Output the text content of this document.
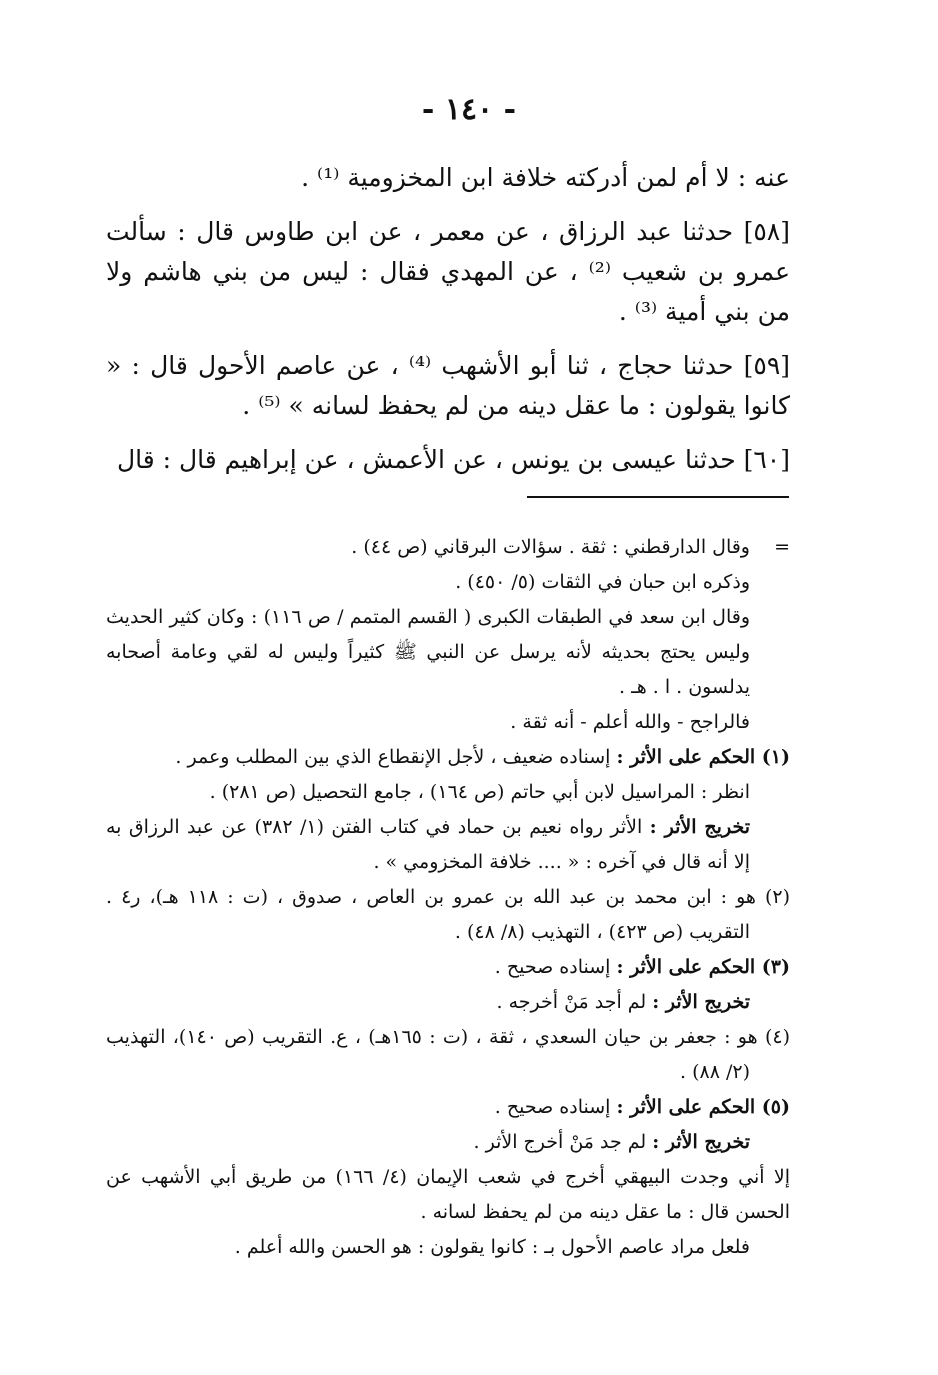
- ١٤٠ -

عنه : لا أم لمن أدركته خلافة ابن المخزومية ⁽¹⁾ .

[٥٨] حدثنا عبد الرزاق ، عن معمر ، عن ابن طاوس قال : سألت عمرو بن شعيب ⁽²⁾ ، عن المهدي فقال : ليس من بني هاشم ولا من بني أمية ⁽³⁾ .

[٥٩] حدثنا حجاج ، ثنا أبو الأشهب ⁽⁴⁾ ، عن عاصم الأحول قال : « كانوا يقولون : ما عقل دينه من لم يحفظ لسانه » ⁽⁵⁾ .

[٦٠] حدثنا عيسى بن يونس ، عن الأعمش ، عن إبراهيم قال : قال

=وقال الدارقطني : ثقة . سؤالات البرقاني (ص ٤٤) .

وذكره ابن حبان في الثقات (٥/ ٤٥٠) .

وقال ابن سعد في الطبقات الكبرى ( القسم المتمم / ص ١١٦) : وكان كثير الحديث وليس يحتج بحديثه لأنه يرسل عن النبي ﷺ كثيراً وليس له لقي وعامة أصحابه يدلسون . ا . هـ .

فالراجح - والله أعلم - أنه ثقة .

(١) الحكم على الأثر : إسناده ضعيف ، لأجل الإنقطاع الذي بين المطلب وعمر .

انظر : المراسيل لابن أبي حاتم (ص ١٦٤) ، جامع التحصيل (ص ٢٨١) .

تخريج الأثر : الأثر رواه نعيم بن حماد في كتاب الفتن (١/ ٣٨٢) عن عبد الرزاق به إلا أنه قال في آخره : « .... خلافة المخزومي » .

(٢) هو : ابن محمد بن عبد الله بن عمرو بن العاص ، صدوق ، (ت : ١١٨ هـ)، ر٤ . التقريب (ص ٤٢٣) ، التهذيب (٨/ ٤٨) .

(٣) الحكم على الأثر : إسناده صحيح .

تخريج الأثر : لم أجد مَنْ أخرجه .

(٤) هو : جعفر بن حيان السعدي ، ثقة ، (ت : ١٦٥هـ) ، ع. التقريب (ص ١٤٠)، التهذيب (٢/ ٨٨) .

(٥) الحكم على الأثر : إسناده صحيح .

تخريج الأثر : لم جد مَنْ أخرج الأثر .

إلا أني وجدت البيهقي أخرج في شعب الإيمان (٤/ ١٦٦) من طريق أبي الأشهب عن الحسن قال : ما عقل دينه من لم يحفظ لسانه .

فلعل مراد عاصم الأحول بـ : كانوا يقولون : هو الحسن والله أعلم .
